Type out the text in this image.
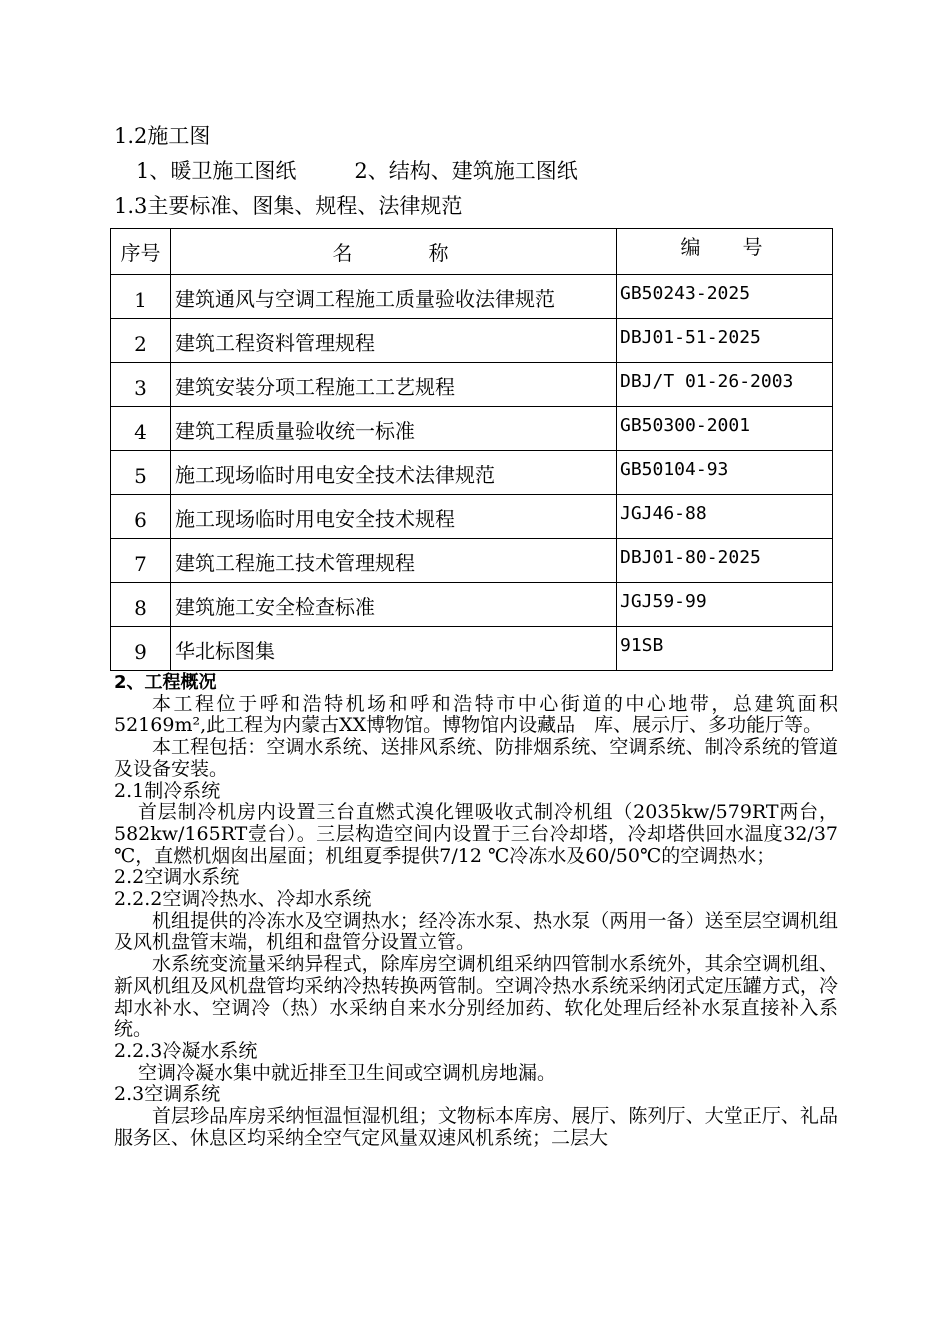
1.2施工图
1、暖卫施工图纸	2、结构、建筑施工图纸
1.3主要标准、图集、规程、法律规范
序号	名称	编号
1	建筑通风与空调工程施工质量验收法律规范	GB50243-2025
2	建筑工程资料管理规程	DBJ01-51-2025
3	建筑安装分项工程施工工艺规程	DBJ/T 01-26-2003
4	建筑工程质量验收统一标准	GB50300-2001
5	施工现场临时用电安全技术法律规范	GB50104-93
6	施工现场临时用电安全技术规程	JGJ46-88
7	建筑工程施工技术管理规程	DBJ01-80-2025
8	建筑施工安全检查标准	JGJ59-99
9	华北标图集	91SB
2、工程概况

本工程位于呼和浩特机场和呼和浩特市中心街道的中心地带，总建筑面积52169m²,此工程为内蒙古XX博物馆。博物馆内设藏品　库、展示厅、多功能厅等。

本工程包括：空调水系统、送排风系统、防排烟系统、空调系统、制冷系统的管道及设备安装。

2.1制冷系统

首层制冷机房内设置三台直燃式溴化锂吸收式制冷机组（2035kw/579RT两台， 582kw/165RT壹台）。三层构造空间内设置于三台冷却塔，冷却塔供回水温度32/37 ℃，直燃机烟囱出屋面；机组夏季提供7/12 ℃冷冻水及60/50℃的空调热水；

2.2空调水系统
2.2.2空调冷热水、冷却水系统

机组提供的冷冻水及空调热水；经冷冻水泵、热水泵（两用一备）送至层空调机组及风机盘管末端，机组和盘管分设置立管。

水系统变流量采纳异程式，除库房空调机组采纳四管制水系统外，其余空调机组、新风机组及风机盘管均采纳冷热转换两管制。空调冷热水系统采纳闭式定压罐方式，冷却水补水、空调冷（热）水采纳自来水分别经加药、软化处理后经补水泵直接补入系统。

2.2.3冷凝水系统

空调冷凝水集中就近排至卫生间或空调机房地漏。

2.3空调系统

首层珍品库房采纳恒温恒湿机组；文物标本库房、展厅、陈列厅、大堂正厅、礼品服务区、休息区均采纳全空气定风量双速风机系统；二层大
